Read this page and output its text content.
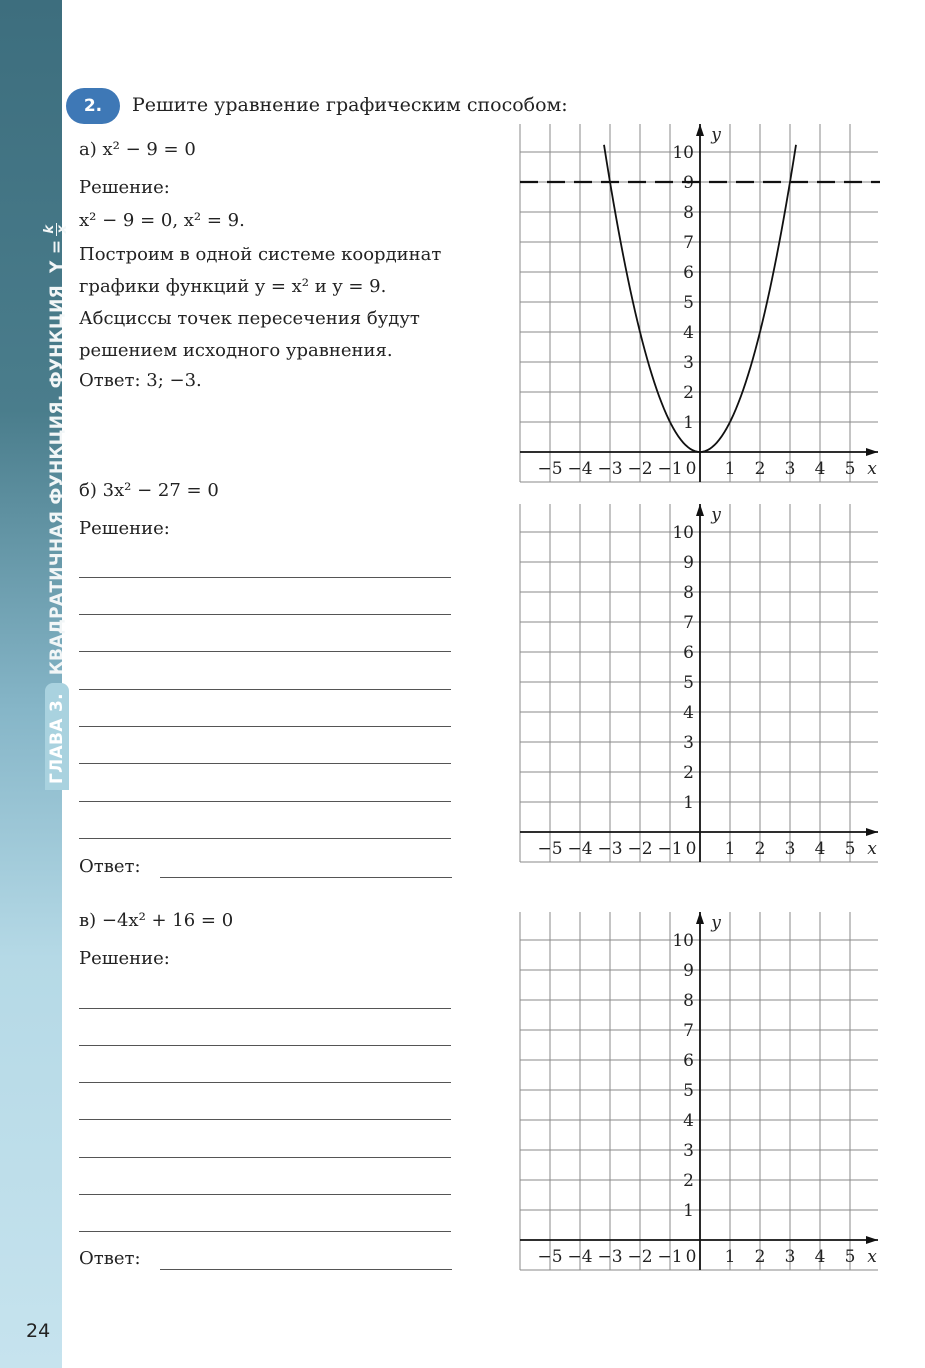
ГЛАВА 3.
КВАДРАТИЧНАЯ ФУНКЦИЯ. ФУНКЦИЯ
Y =
k
x
24
2.	Решите уравнение графическим способом:
а) x² − 9 = 0
Решение:
x² − 9 = 0, x² = 9.
Построим в одной системе координат
графики функций y = x² и y = 9.
Абсциссы точек пересечения будут
решением исходного уравнения.
Ответ: 3; −3.
б) 3x² − 27 = 0
Решение:
Ответ:
в) −4x² + 16 = 0
Решение:
Ответ:
−5 −4 −3 −2 −1 0 1 2 3 4 5
1
2
3
4
5
6
7
8
9
10
x
y
−5 −4 −3 −2 −1 0 1 2 3 4 5
1
2
3
4
5
6
7
8
9
10
x
y
−5 −4 −3 −2 −1 0 1 2 3 4 5
1
2
3
4
5
6
7
8
9
10
x
y
